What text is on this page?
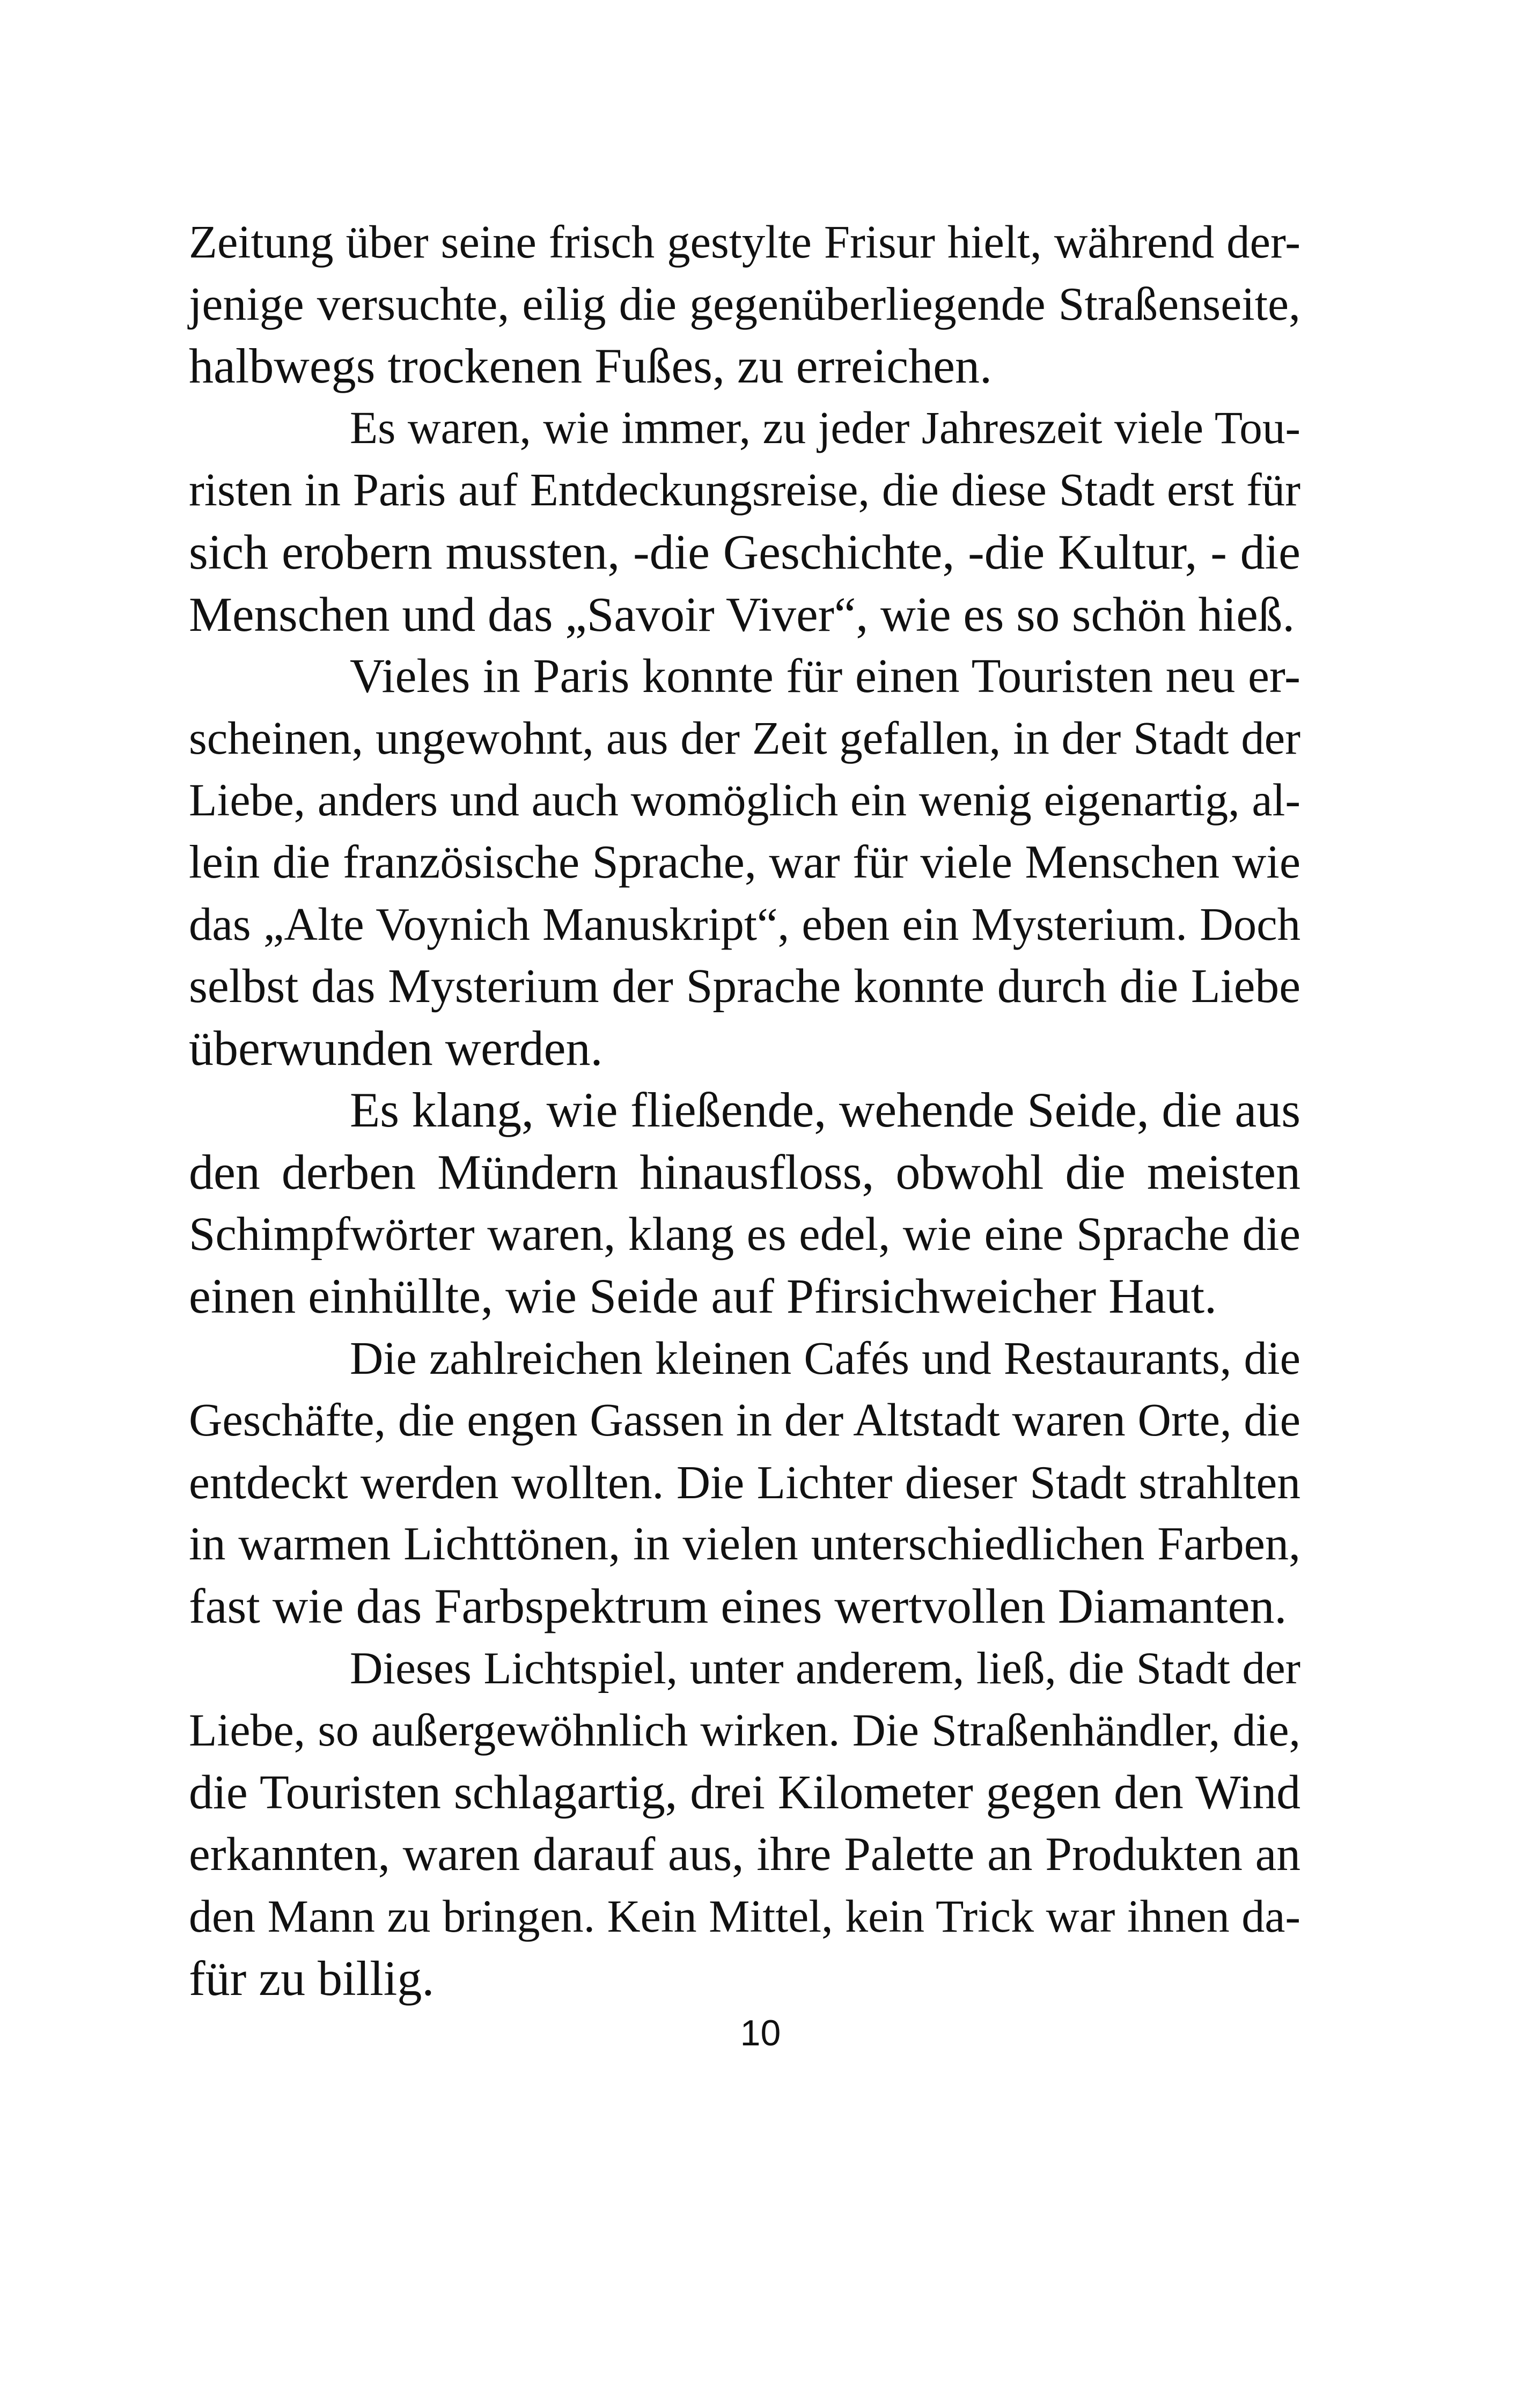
Zeitung über seine frisch gestylte Frisur hielt, während der-
jenige versuchte, eilig die gegenüberliegende Straßenseite,
halbwegs trockenen Fußes, zu erreichen.
Es waren, wie immer, zu jeder Jahreszeit viele Tou-
risten in Paris auf Entdeckungsreise, die diese Stadt erst für
sich erobern mussten, -die Geschichte, -die Kultur, - die
Menschen und das „Savoir Viver“, wie es so schön hieß.
Vieles in Paris konnte für einen Touristen neu er-
scheinen, ungewohnt, aus der Zeit gefallen, in der Stadt der
Liebe, anders und auch womöglich ein wenig eigenartig, al-
lein die französische Sprache, war für viele Menschen wie
das „Alte Voynich Manuskript“, eben ein Mysterium. Doch
selbst das Mysterium der Sprache konnte durch die Liebe
überwunden werden.
Es klang, wie fließende, wehende Seide, die aus
den derben Mündern hinausfloss, obwohl die meisten
Schimpfwörter waren, klang es edel, wie eine Sprache die
einen einhüllte, wie Seide auf Pfirsichweicher Haut.
Die zahlreichen kleinen Cafés und Restaurants, die
Geschäfte, die engen Gassen in der Altstadt waren Orte, die
entdeckt werden wollten. Die Lichter dieser Stadt strahlten
in warmen Lichttönen, in vielen unterschiedlichen Farben,
fast wie das Farbspektrum eines wertvollen Diamanten.
Dieses Lichtspiel, unter anderem, ließ, die Stadt der
Liebe, so außergewöhnlich wirken. Die Straßenhändler, die,
die Touristen schlagartig, drei Kilometer gegen den Wind
erkannten, waren darauf aus, ihre Palette an Produkten an
den Mann zu bringen. Kein Mittel, kein Trick war ihnen da-
für zu billig.
10
